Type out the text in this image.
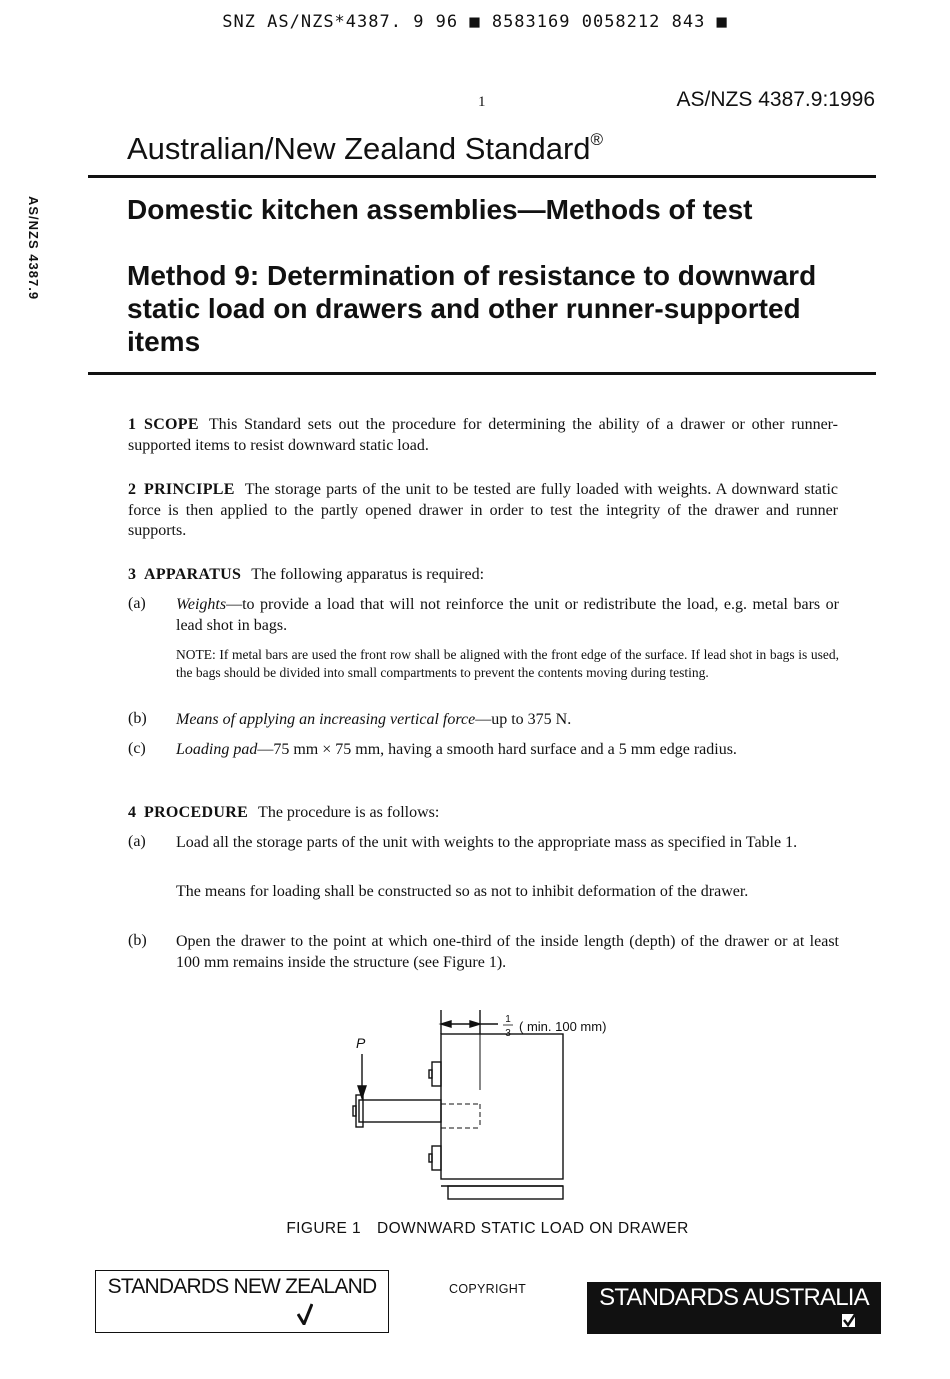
SNZ AS/NZS*4387. 9 96 ■ 8583169 0058212 843 ■
1	AS/NZS 4387.9:1996
AS/NZS 4387.9
Australian/New Zealand Standard®
Domestic kitchen assemblies—Methods of test
Method 9: Determination of resistance to downward static load on drawers and other runner-supported items
1 SCOPE This Standard sets out the procedure for determining the ability of a drawer or other runner-supported items to resist downward static load.
2 PRINCIPLE The storage parts of the unit to be tested are fully loaded with weights. A downward static force is then applied to the partly opened drawer in order to test the integrity of the drawer and runner supports.
3 APPARATUS The following apparatus is required:
(a) Weights—to provide a load that will not reinforce the unit or redistribute the load, e.g. metal bars or lead shot in bags.
NOTE: If metal bars are used the front row shall be aligned with the front edge of the surface. If lead shot in bags is used, the bags should be divided into small compartments to prevent the contents moving during testing.
(b) Means of applying an increasing vertical force—up to 375 N.
(c) Loading pad—75 mm × 75 mm, having a smooth hard surface and a 5 mm edge radius.
4 PROCEDURE The procedure is as follows:
(a) Load all the storage parts of the unit with weights to the appropriate mass as specified in Table 1.
The means for loading shall be constructed so as not to inhibit deformation of the drawer.
(b) Open the drawer to the point at which one-third of the inside length (depth) of the drawer or at least 100 mm remains inside the structure (see Figure 1).
P
1
3 ( min. 100 mm)
FIGURE 1 DOWNWARD STATIC LOAD ON DRAWER
STANDARDS NEW ZEALAND	COPYRIGHT	STANDARDS AUSTRALIA
